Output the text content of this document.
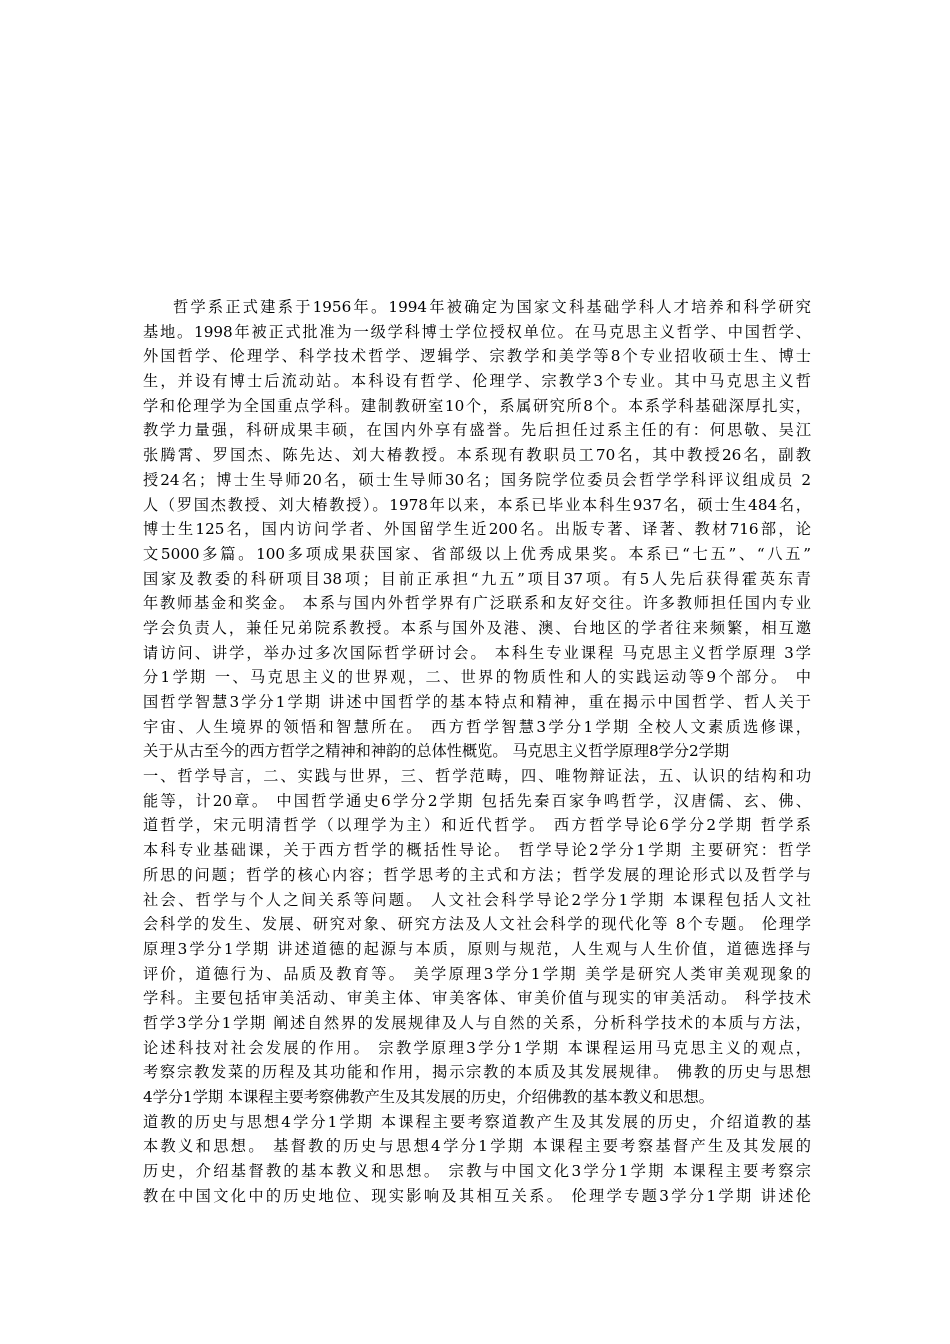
哲学系正式建系于1956年。1994年被确定为国家文科基础学科人才培养和科学研究
基地。1998年被正式批准为一级学科博士学位授权单位。在马克思主义哲学、中国哲学、
外国哲学、伦理学、科学技术哲学、逻辑学、宗教学和美学等8个专业招收硕士生、博士
生，并设有博士后流动站。本科设有哲学、伦理学、宗教学3个专业。其中马克思主义哲
学和伦理学为全国重点学科。建制教研室10个，系属研究所8个。本系学科基础深厚扎实，
教学力量强，科研成果丰硕，在国内外享有盛誉。先后担任过系主任的有：何思敬、吴江
张腾霄、罗国杰、陈先达、刘大椿教授。本系现有教职员工70名，其中教授26名，副教
授24名；博士生导师20名，硕士生导师30名；国务院学位委员会哲学学科评议组成员 2
人（罗国杰教授、刘大椿教授）。1978年以来，本系已毕业本科生937名，硕士生484名，
博士生125名，国内访问学者、外国留学生近200名。出版专著、译著、教材716部，论
文5000多篇。100多项成果获国家、省部级以上优秀成果奖。本系已“七五”、“八五”
国家及教委的科研项目38项；目前正承担“九五”项目37项。有5人先后获得霍英东青
年教师基金和奖金。 本系与国内外哲学界有广泛联系和友好交往。许多教师担任国内专业
学会负责人，兼任兄弟院系教授。本系与国外及港、澳、台地区的学者往来频繁，相互邀
请访问、讲学，举办过多次国际哲学研讨会。 本科生专业课程 马克思主义哲学原理 3学
分1学期 一、马克思主义的世界观，二、世界的物质性和人的实践运动等9个部分。 中
国哲学智慧3学分1学期 讲述中国哲学的基本特点和精神，重在揭示中国哲学、哲人关于
宇宙、人生境界的领悟和智慧所在。 西方哲学智慧3学分1学期 全校人文素质选修课，
关于从古至今的西方哲学之精神和神韵的总体性概览。 马克思主义哲学原理8学分2学期
一、哲学导言，二、实践与世界，三、哲学范畴，四、唯物辩证法，五、认识的结构和功
能等，计20章。 中国哲学通史6学分2学期 包括先秦百家争鸣哲学，汉唐儒、玄、佛、
道哲学，宋元明清哲学（以理学为主）和近代哲学。 西方哲学导论6学分2学期 哲学系
本科专业基础课，关于西方哲学的概括性导论。 哲学导论2学分1学期 主要研究：哲学
所思的问题；哲学的核心内容；哲学思考的主式和方法；哲学发展的理论形式以及哲学与
社会、哲学与个人之间关系等问题。 人文社会科学导论2学分1学期 本课程包括人文社
会科学的发生、发展、研究对象、研究方法及人文社会科学的现代化等 8个专题。 伦理学
原理3学分1学期 讲述道德的起源与本质，原则与规范，人生观与人生价值，道德选择与
评价，道德行为、品质及教育等。 美学原理3学分1学期 美学是研究人类审美观现象的
学科。主要包括审美活动、审美主体、审美客体、审美价值与现实的审美活动。 科学技术
哲学3学分1学期 阐述自然界的发展规律及人与自然的关系，分析科学技术的本质与方法，
论述科技对社会发展的作用。 宗教学原理3学分1学期 本课程运用马克思主义的观点，
考察宗教发菜的历程及其功能和作用，揭示宗教的本质及其发展规律。 佛教的历史与思想
4学分1学期 本课程主要考察佛教产生及其发展的历史，介绍佛教的基本教义和思想。
道教的历史与思想4学分1学期 本课程主要考察道教产生及其发展的历史，介绍道教的基
本教义和思想。 基督教的历史与思想4学分1学期 本课程主要考察基督产生及其发展的
历史，介绍基督教的基本教义和思想。 宗教与中国文化3学分1学期 本课程主要考察宗
教在中国文化中的历史地位、现实影响及其相互关系。 伦理学专题3学分1学期 讲述伦
